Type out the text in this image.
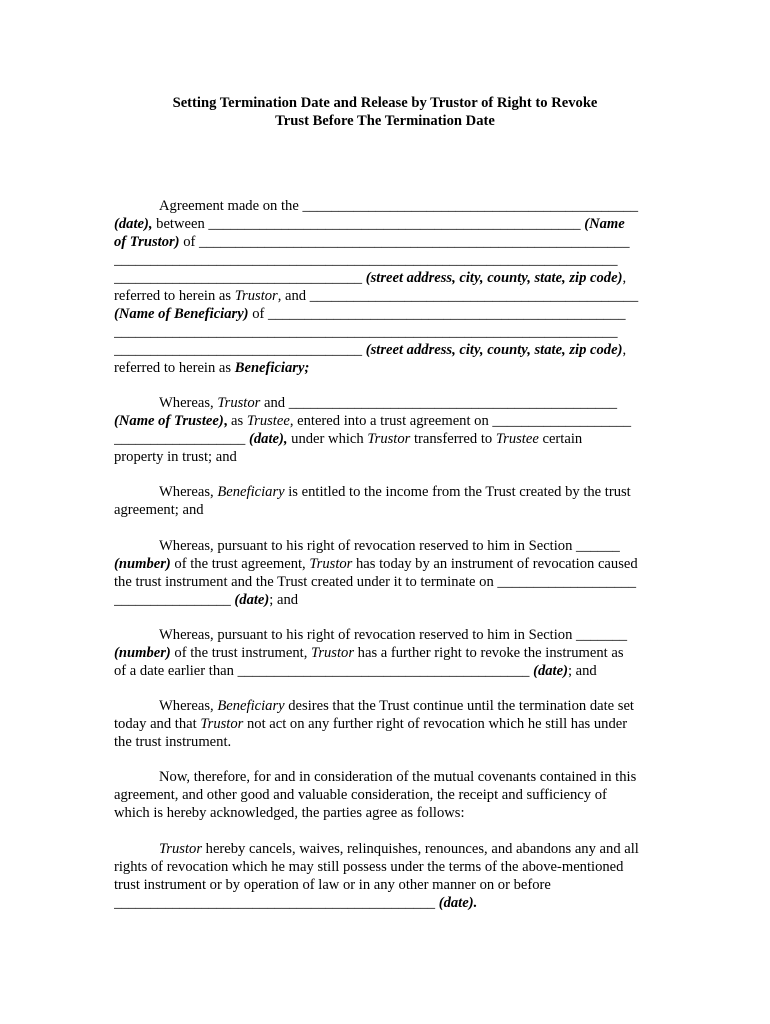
Setting Termination Date and Release by Trustor of Right to Revoke
Trust Before The Termination Date
Agreement made on the ______________________________________________
(date), between ___________________________________________________ (Name
of Trustor) of ___________________________________________________________
_____________________________________________________________________
__________________________________ (street address, city, county, state, zip code),
referred to herein as Trustor, and _____________________________________________
(Name of Beneficiary) of _________________________________________________
_____________________________________________________________________
__________________________________ (street address, city, county, state, zip code),
referred to herein as Beneficiary;
Whereas, Trustor and _____________________________________________
(Name of Trustee), as Trustee, entered into a trust agreement on ___________________
__________________ (date), under which Trustor transferred to Trustee certain
property in trust; and
Whereas, Beneficiary is entitled to the income from the Trust created by the trust
agreement; and
Whereas, pursuant to his right of revocation reserved to him in Section ______
(number) of the trust agreement, Trustor has today by an instrument of revocation caused
the trust instrument and the Trust created under it to terminate on ___________________
________________ (date); and
Whereas, pursuant to his right of revocation reserved to him in Section _______
(number) of the trust instrument, Trustor has a further right to revoke the instrument as
of a date earlier than ________________________________________ (date); and
Whereas, Beneficiary desires that the Trust continue until the termination date set
today and that Trustor not act on any further right of revocation which he still has under
the trust instrument.
Now, therefore, for and in consideration of the mutual covenants contained in this
agreement, and other good and valuable consideration, the receipt and sufficiency of
which is hereby acknowledged, the parties agree as follows:
Trustor hereby cancels, waives, relinquishes, renounces, and abandons any and all
rights of revocation which he may still possess under the terms of the above-mentioned
trust instrument or by operation of law or in any other manner on or before
____________________________________________ (date).
